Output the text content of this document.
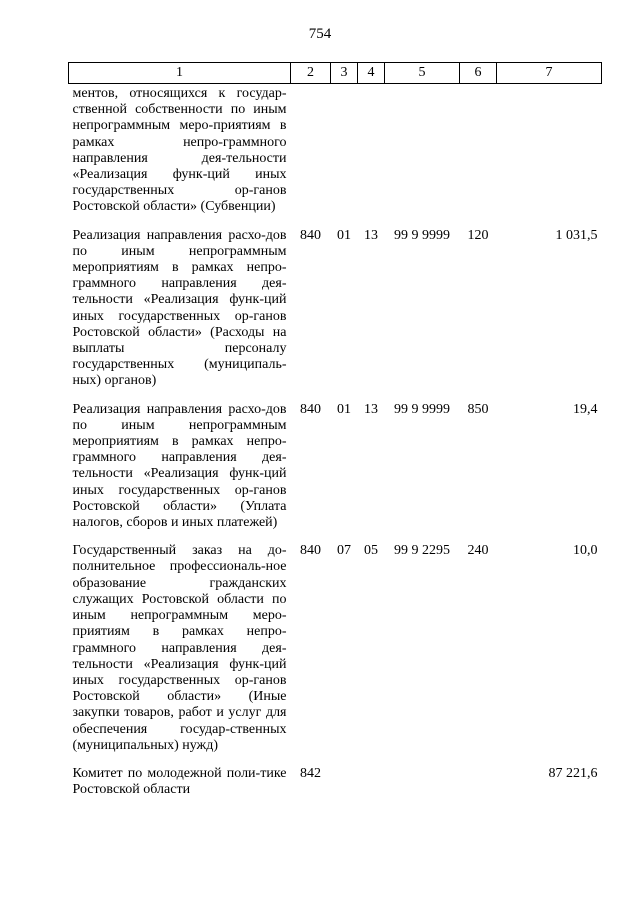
754
1	2	3	4	5	6	7
ментов, относящихся к государ-ственной собственности по иным непрограммным меро-приятиям в рамках непро-граммного направления дея-тельности «Реализация функ-ций иных государственных ор-ганов Ростовской области» (Субвенции)						
Реализация направления расхо-дов по иным непрограммным мероприятиям в рамках непро-граммного направления дея-тельности «Реализация функ-ций иных государственных ор-ганов Ростовской области» (Расходы на выплаты персоналу государственных (муниципаль-ных) органов)	840	01	13	99 9 9999	120	1 031,5
Реализация направления расхо-дов по иным непрограммным мероприятиям в рамках непро-граммного направления дея-тельности «Реализация функ-ций иных государственных ор-ганов Ростовской области» (Уплата налогов, сборов и иных платежей)	840	01	13	99 9 9999	850	19,4
Государственный заказ на до-полнительное профессиональ-ное образование гражданских служащих Ростовской области по иным непрограммным меро-приятиям в рамках непро-граммного направления дея-тельности «Реализация функ-ций иных государственных ор-ганов Ростовской области» (Иные закупки товаров, работ и услуг для обеспечения государ-ственных (муниципальных) нужд)	840	07	05	99 9 2295	240	10,0
Комитет по молодежной поли-тике Ростовской области	842					87 221,6
